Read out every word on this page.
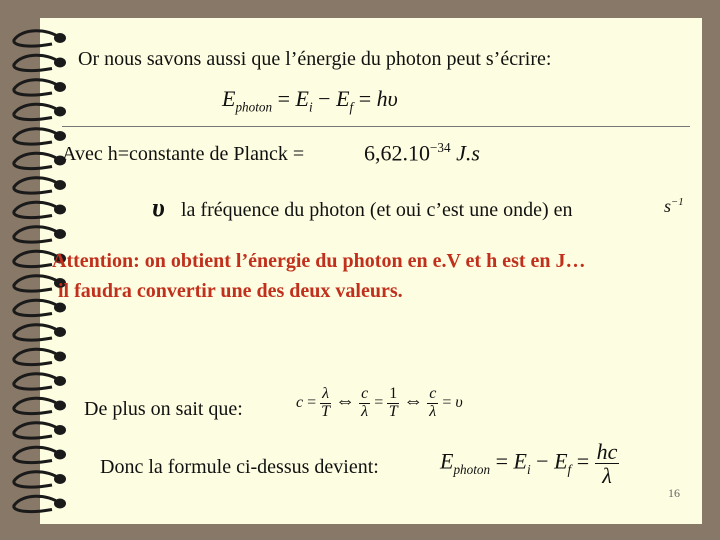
Or nous savons aussi que l’énergie du photon peut s’écrire:
$E_{photon} = E_i - E_f = h\upsilon$
Avec h=constante de Planck =	$6,62.10^{-34}$ J.s
υ la fréquence du photon (et oui c’est une onde) en	$s^{-1}$
Attention: on obtient l’énergie du photon en e.V et h est en J…
il faudra convertir une des deux valeurs.
De plus on sait que:	$c = \frac{\lambda}{T}$ ⇔ $\frac{c}{\lambda} = \frac{1}{T}$ ⇔ $\frac{c}{\lambda} = \upsilon$
Donc la formule ci-dessus devient:	$E_{photon} = E_i - E_f = \frac{hc}{\lambda}$
16
